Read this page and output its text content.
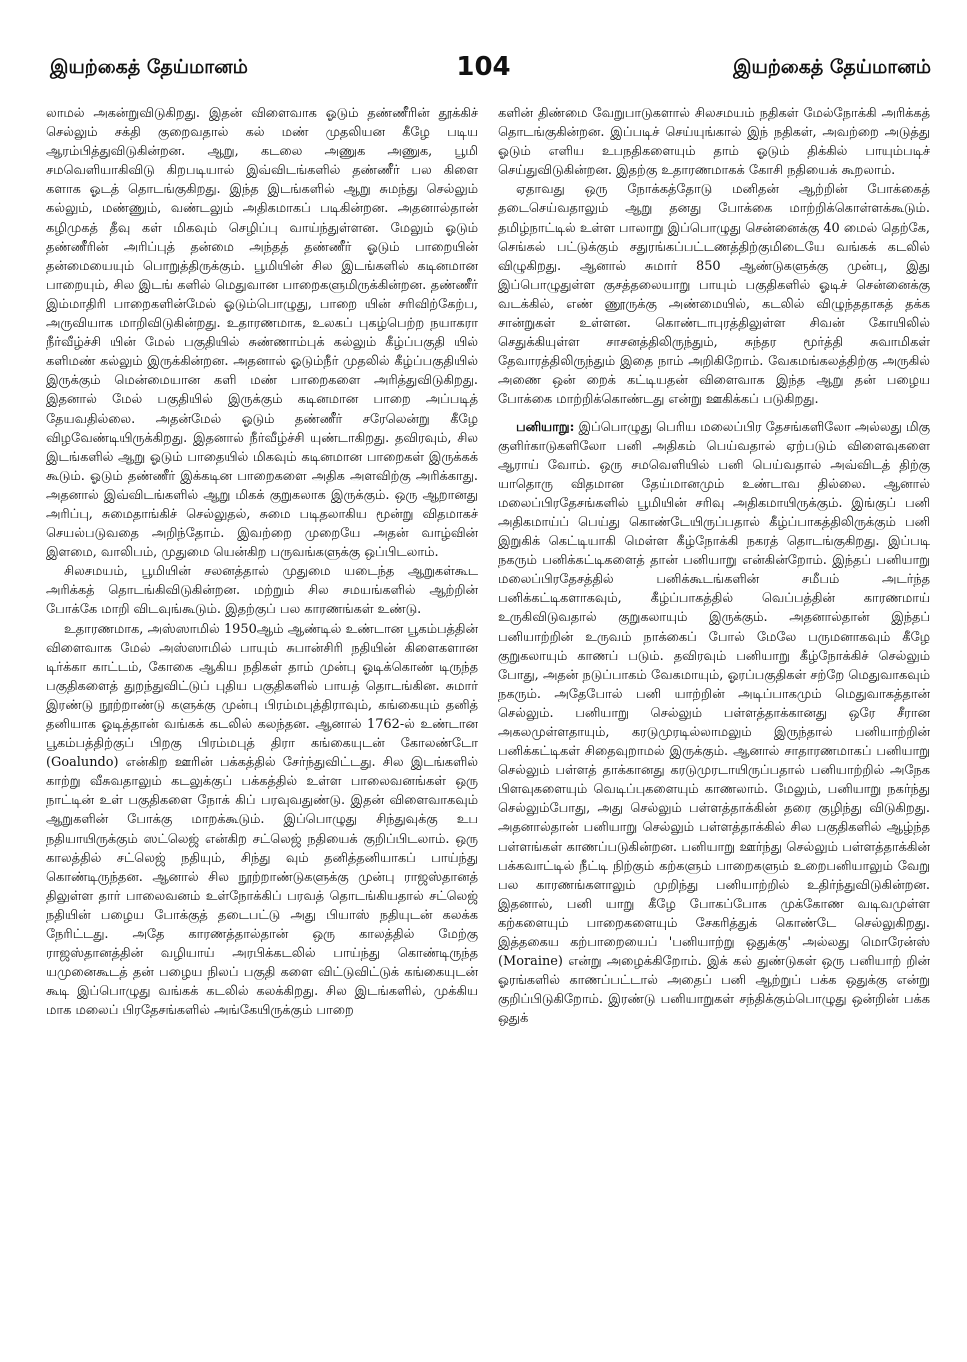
இயற்கைத் தேய்மானம்	104	இயற்கைத் தேய்மானம்

லாமல் அகன்றுவிடுகிறது. இதன் விளைவாக ஓடும் தண்ணீரின் தூக்கிச் செல்லும் சக்தி குறைவதால் கல் மண் முதலியன கீழே படிய ஆரம்பித்துவிடுகின்றன. ஆறு, கடலை அணுக அணுக, பூமி சமவெளியாகிவிடு கிறபடியால் இவ்விடங்களில் தண்ணீர் பல கிளை களாக ஓடத் தொடங்குகிறது. இந்த இடங்களில் ஆறு சுமந்து செல்லும் கல்லும், மண்ணும், வண்டலும் அதிகமாகப் படிகின்றன. அதனால்தான் கழிமுகத் தீவு கள் மிகவும் செழிப்பு வாய்ந்துள்ளன. மேலும் ஓடும் தண்ணீரின் அரிப்புத் தன்மை அந்தத் தண்ணீர் ஓடும் பாறையின் தன்மையையும் பொறுத்திருக்கும். பூமியின் சில இடங்களில் கடினமான பாறையும், சில இடங் களில் மெதுவான பாறைகளுமிருக்கின்றன. தண்ணீர் இம்மாதிரி பாறைகளின்மேல் ஓடும்பொழுது, பாறை யின் சரிவிற்கேற்ப, அருவியாக மாறிவிடுகின்றது. உதாரணமாக, உலகப் புகழ்பெற்ற நயாகரா நீர்வீழ்ச்சி யின் மேல் பகுதியில் சுண்ணாம்புக் கல்லும் கீழ்ப்பகுதி யில் களிமண் கல்லும் இருக்கின்றன. அதனால் ஓடும்நீர் முதலில் கீழ்ப்பகுதியில் இருக்கும் மென்மையான களி மண் பாறைகளை அரித்துவிடுகிறது. இதனால் மேல் பகுதியில் இருக்கும் கடினமான பாறை அப்படித் தேயவதில்லை. அதன்மேல் ஓடும் தண்ணீர் சரேலென்று கீழே விழவேண்டியிருக்கிறது. இதனால் நீர்வீழ்ச்சி யுண்டாகிறது. தவிரவும், சில இடங்களில் ஆறு ஓடும் பாதையில் மிகவும் கடினமான பாறைகள் இருக்கக் கூடும். ஓடும் தண்ணீர் இக்கடின பாறைகளை அதிக அளவிற்கு அரிக்காது. அதனால் இவ்விடங்களில் ஆறு மிகக் குறுகலாக இருக்கும். ஒரு ஆறானது அரிப்பு, சுமைதாங்கிச் செல்லுதல், சுமை படிதலாகிய மூன்று விதமாகச் செயல்படுவதை அறிந்தோம். இவற்றை முறையே அதன் வாழ்வின் இளமை, வாலிபம், முதுமை யென்கிற பருவங்களுக்கு ஒப்பிடலாம்.

சிலசமயம், பூமியின் சலனத்தால் முதுமை யடைந்த ஆறுகள்கூட அரிக்கத் தொடங்கிவிடுகின்றன. மற்றும் சில சமயங்களில் ஆற்றின் போக்கே மாறி விடவுங்கூடும். இதற்குப் பல காரணங்கள் உண்டு.

உதாரணமாக, அஸ்ஸாமில் 1950ஆம் ஆண்டில் உண்டான பூகம்பத்தின் விளைவாக மேல் அஸ்ஸாமில் பாயும் சுபான்சிரி நதியின் கிளைகளான டிர்க்கா காட்டம், கோகை ஆகிய நதிகள் தாம் முன்பு ஓடிக்கொண் டிருந்த பகுதிகளைத் துறந்துவிட்டுப் புதிய பகுதிகளில் பாயத் தொடங்கின. சுமார் இரண்டு நூற்றாண்டு களுக்கு முன்பு பிரம்மபுத்திராவும், கங்கையும் தனித் தனியாக ஓடித்தான் வங்கக் கடலில் கலந்தன. ஆனால் 1762-ல் உண்டான பூகம்பத்திற்குப் பிறகு பிரம்மபுத் திரா கங்கையுடன் கோலண்டோ (Goalundo) என்கிற ஊரின் பக்கத்தில் சேர்ந்துவிட்டது. சில இடங்களில் காற்று வீசுவதாலும் கடலுக்குப் பக்கத்தில் உள்ள பாலைவனங்கள் ஒரு நாட்டின் உள் பகுதிகளை நோக் கிப் பரவுவதுண்டு. இதன் விளைவாகவும் ஆறுகளின் போக்கு மாறக்கூடும். இப்பொழுது சிந்துவுக்கு உப நதியாயிருக்கும் ஸட்லெஜ் என்கிற சட்லெஜ் நதியைக் குறிப்பிடலாம். ஒரு காலத்தில் சட்லெஜ் நதியும், சிந்து வும் தனித்தனியாகப் பாய்ந்து கொண்டிருந்தன. ஆனால் சில நூற்றாண்டுகளுக்கு முன்பு ராஜஸ்தானத் திலுள்ள தார் பாலைவனம் உள்நோக்கிப் பரவத் தொடங்கியதால் சட்லெஜ் நதியின் பழைய போக்குத் தடைபட்டு அது பியாஸ் நதியுடன் கலக்க நேரிட்டது. அதே காரணத்தால்தான் ஒரு காலத்தில் மேற்கு ராஜஸ்தானத்தின் வழியாய் அரபிக்கடலில் பாய்ந்து கொண்டிருந்த யமுனைகூடத் தன் பழைய நிலப் பகுதி களை விட்டுவிட்டுக் கங்கையுடன் கூடி இப்பொழுது வங்கக் கடலில் கலக்கிறது. சில இடங்களில், முக்கிய மாக மலைப் பிரதேசங்களில் அங்கேயிருக்கும் பாறை

களின் திண்மை வேறுபாடுகளால் சிலசமயம் நதிகள் மேல்நோக்கி அரிக்கத் தொடங்குகின்றன. இப்படிச் செய்யுங்கால் இந் நதிகள், அவற்றை அடுத்து ஓடும் எளிய உபநதிகளையும் தாம் ஓடும் திக்கில் பாயும்படிச் செய்துவிடுகின்றன. இதற்கு உதாரணமாகக் கோசி நதியைக் கூறலாம்.

ஏதாவது ஒரு நோக்கத்தோடு மனிதன் ஆற்றின் போக்கைத் தடைசெய்வதாலும் ஆறு தனது போக்கை மாற்றிக்கொள்ளக்கூடும். தமிழ்நாட்டில் உள்ள பாலாறு இப்பொழுது சென்னைக்கு 40 மைல் தெற்கே, செங்கல் பட்டுக்கும் சதுரங்கப்பட்டணத்திற்குமிடையே வங்கக் கடலில் விழுகிறது. ஆனால் சுமார் 850 ஆண்டுகளுக்கு முன்பு, இது இப்பொழுதுள்ள குசத்தலையாறு பாயும் பகுதிகளில் ஓடிச் சென்னைக்கு வடக்கில், எண் ணூருக்கு அண்மையில், கடலில் விழுந்ததாகத் தக்க சான்றுகள் உள்ளன. கொண்டாபுரத்திலுள்ள சிவன் கோயிலில் செதுக்கியுள்ள சாசனத்திலிருந்தும், சுந்தர மூர்த்தி சுவாமிகள் தேவாரத்திலிருந்தும் இதை நாம் அறிகிறோம். வேகமங்கலத்திற்கு அருகில் அணை ஒன் றைக் கட்டியதன் விளைவாக இந்த ஆறு தன் பழைய போக்கை மாற்றிக்கொண்டது என்று ஊகிக்கப் படுகிறது.

பனியாறு: இப்பொழுது பெரிய மலைப்பிர தேசங்களிலோ அல்லது மிகு குளிர்காடுகளிலோ பனி அதிகம் பெய்வதால் ஏற்படும் விளைவுகளை ஆராய் வோம். ஒரு சமவெளியில் பனி பெய்வதால் அவ்விடத் திற்கு யாதொரு விதமான தேய்மானமும் உண்டாவ தில்லை. ஆனால் மலைப்பிரதேசங்களில் பூமியின் சரிவு அதிகமாயிருக்கும். இங்குப் பனி அதிகமாய்ப் பெய்து கொண்டேயிருப்பதால் கீழ்ப்பாகத்திலிருக்கும் பனி இறுகிக் கெட்டியாகி மெள்ள கீழ்நோக்கி நகரத் தொடங்குகிறது. இப்படி நகரும் பனிக்கட்டிகளைத் தான் பனியாறு என்கின்றோம். இந்தப் பனியாறு மலைப்பிரதேசத்தில் பனிக்கூடங்களின் சமீபம் அடர்ந்த பனிக்கட்டிகளாகவும், கீழ்ப்பாகத்தில் வெப்பத்தின் காரணமாய் உருகிவிடுவதால் குறுகலாயும் இருக்கும். அதனால்தான் இந்தப் பனியாற்றின் உருவம் நாக்கைப் போல் மேலே பருமனாகவும் கீழே குறுகலாயும் காணப் படும். தவிரவும் பனியாறு கீழ்நோக்கிச் செல்லும் போது, அதன் நடுப்பாகம் வேகமாயும், ஓரப்பகுதிகள் சற்றே மெதுவாகவும் நகரும். அதேபோல் பனி யாற்றின் அடிப்பாகமும் மெதுவாகத்தான் செல்லும். பனியாறு செல்லும் பள்ளத்தாக்கானது ஒரே சீரான அகலமுள்ளதாயும், கரடுமுரடில்லாமலும் இருந்தால் பனியாற்றின் பனிக்கட்டிகள் சிதைவுறாமல் இருக்கும். ஆனால் சாதாரணமாகப் பனியாறு செல்லும் பள்ளத் தாக்கானது கரடுமுரடாயிருப்பதால் பனியாற்றில் அநேக பிளவுகளையும் வெடிப்புகளையும் காணலாம். மேலும், பனியாறு நகர்ந்து செல்லும்போது, அது செல்லும் பள்ளத்தாக்கின் தரை குழிந்து விடுகிறது. அதனால்தான் பனியாறு செல்லும் பள்ளத்தாக்கில் சில பகுதிகளில் ஆழ்ந்த பள்ளங்கள் காணப்படுகின்றன. பனியாறு ஊர்ந்து செல்லும் பள்ளத்தாக்கின் பக்கவாட்டில் நீட்டி நிற்கும் கற்களும் பாறைகளும் உறைபனியாலும் வேறு பல காரணங்களாலும் முறிந்து பனியாற்றில் உதிர்ந்துவிடுகின்றன. இதனால், பனி யாறு கீழே போகப்போக முக்கோண வடிவமுள்ள கற்களையும் பாறைகளையும் சேகரித்துக் கொண்டே செல்லுகிறது. இத்தகைய கற்பாறையைப் 'பனியாற்று ஒதுக்கு' அல்லது மொரேன்ஸ் (Moraine) என்று அழைக்கிறோம். இக் கல் துண்டுகள் ஒரு பனியாற் றின் ஓரங்களில் காணப்பட்டால் அதைப் பனி ஆற்றுப் பக்க ஒதுக்கு என்று குறிப்பிடுகிறோம். இரண்டு பனியாறுகள் சந்திக்கும்பொழுது ஒன்றின் பக்க ஒதுக்
